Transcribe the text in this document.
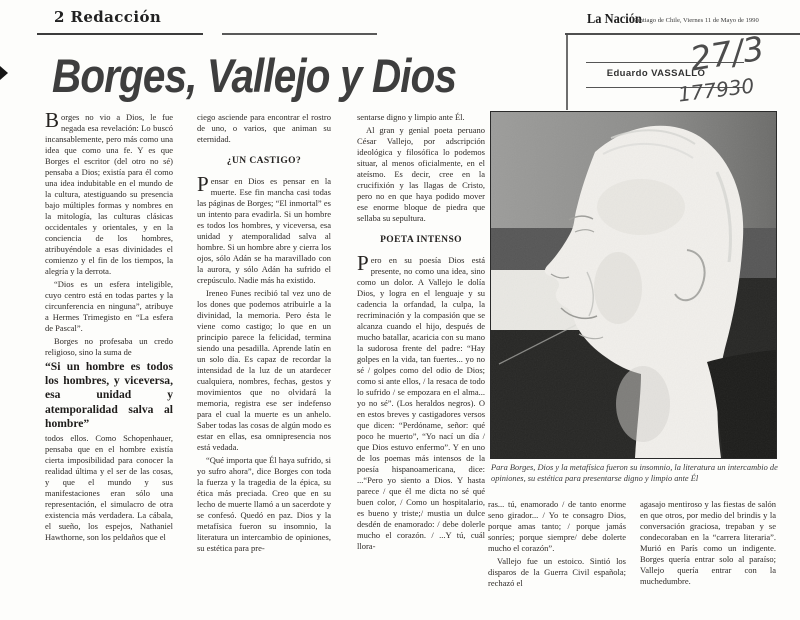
2 Redacción	La Nación
Santiago de Chile, Viernes 11 de Mayo de 1990
Eduardo VASSALLO
27/3
177930
Borges, Vallejo y Dios

Borges no vio a Dios, le fue negada esa revelación: Lo buscó incansablemente, pero más como una idea que como una fe. Y es que Borges el escritor (del otro no sé) pensaba a Dios; existía para él como una idea indubitable en el mundo de la cultura, atestiguando su presencia bajo múltiples formas y nombres en la mitología, las culturas clásicas occidentales y orientales, y en la conciencia de los hombres, atribuyéndole a esas divinidades el comienzo y el fin de los tiempos, la alegría y la derrota.

“Dios es un esfera inteligible, cuyo centro está en todas partes y la circunferencia en ninguna”, atribuye a Hermes Trimegisto en “La esfera de Pascal”.

Borges no profesaba un credo religioso, sino la suma de

“Si un hombre es todos los hombres, y viceversa, esa unidad y atemporalidad salva al hombre”

todos ellos. Como Schopenhauer, pensaba que en el hombre existía cierta imposibilidad para conocer la realidad última y el ser de las cosas, y que el mundo y sus manifestaciones eran sólo una representación, el simulacro de otra existencia más verdadera. La cábala, el sueño, los espejos, Nathaniel Hawthorne, son los peldaños que el

ciego asciende para encontrar el rostro de uno, o varios, que animan su eternidad.

¿UN CASTIGO?

Pensar en Dios es pensar en la muerte. Ese fin mancha casi todas las páginas de Borges; “El inmortal” es un intento para evadirla. Si un hombre es todos los hombres, y viceversa, esa unidad y atemporalidad salva al hombre. Si un hombre abre y cierra los ojos, sólo Adán se ha maravillado con la aurora, y sólo Adán ha sufrido el crepúsculo. Nadie más ha existido.

Ireneo Funes recibió tal vez uno de los dones que podemos atribuirle a la divinidad, la memoria. Pero ésta le viene como castigo; lo que en un principio parece la felicidad, termina siendo una pesadilla. Aprende latín en un solo día. Es capaz de recordar la intensidad de la luz de un atardecer cualquiera, nombres, fechas, gestos y movimientos que no olvidará la memoria, registra ese ser indefenso para el cual la muerte es un anhelo. Saber todas las cosas de algún modo es estar en ellas, esa omnipresencia nos está vedada.

“Qué importa que Él haya sufrido, si yo sufro ahora”, dice Borges con toda la fuerza y la tragedia de la épica, su ética más preciada. Creo que en su lecho de muerte llamó a un sacerdote y se confesó. Quedó en paz. Dios y la metafísica fueron su insomnio, la literatura un intercambio de opiniones, su estética para pre-

sentarse digno y limpio ante Él.

Al gran y genial poeta peruano César Vallejo, por adscripción ideológica y filosófica lo podemos situar, al menos oficialmente, en el ateísmo. Es decir, cree en la crucifixión y las llagas de Cristo, pero no en que haya podido mover ese enorme bloque de piedra que sellaba su sepultura.

POETA INTENSO

Pero en su poesía Dios está presente, no como una idea, sino como un dolor. A Vallejo le dolía Dios, y logra en el lenguaje y su cadencia la orfandad, la culpa, la recriminación y la compasión que se alcanza cuando el hijo, después de mucho batallar, acaricia con su mano la sudorosa frente del padre: “Hay golpes en la vida, tan fuertes... yo no sé / golpes como del odio de Dios; como si ante ellos, / la resaca de todo lo sufrido / se empozara en el alma... yo no sé”. (Los heraldos negros). O en estos breves y castigadores versos que dicen: “Perdóname, señor: qué poco he muerto”, “Yo nací un día / que Dios estuvo enfermo”. Y en uno de los poemas más intensos de la poesía hispanoamericana, dice: ...“Pero yo siento a Dios. Y hasta parece / que él me dicta no sé qué buen color, / Como un hospitalario, es bueno y triste;/ mustia un dulce desdén de enamorado: / debe dolerle mucho el corazón. / ...Y tú, cuál llora-

Para Borges, Dios y la metafísica fueron su insomnio, la literatura un intercambio de opiniones, su estética para presentarse digno y limpio ante Él

ras... tú, enamorado / de tanto enorme seno girador... / Yo te consagro Dios, porque amas tanto; / porque jamás sonríes; porque siempre/ debe dolerte mucho el corazón”.

Vallejo fue un estoico. Sintió los disparos de la Guerra Civil española; rechazó el

agasajo mentiroso y las fiestas de salón en que otros, por medio del brindis y la conversación graciosa, trepaban y se condecoraban en la “carrera literaria”. Murió en París como un indigente. Borges quería entrar solo al paraíso; Vallejo quería entrar con la muchedumbre.
